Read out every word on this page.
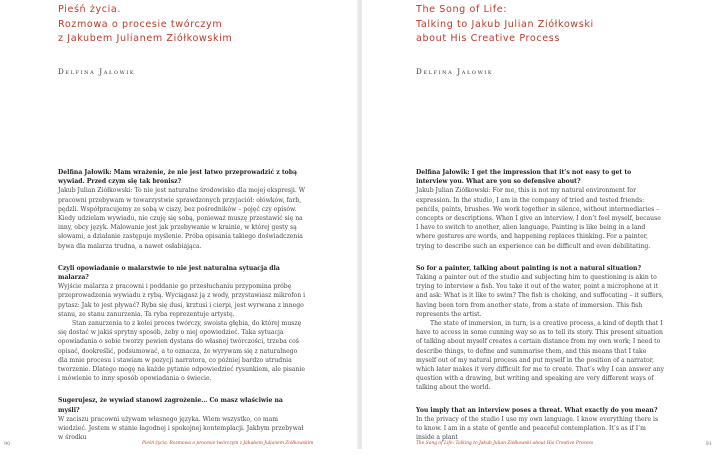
Pieśń życia.
Rozmowa o procesie twórczym
z Jakubem Julianem Ziółkowskim
Delfina Jałowik

Delfina Jałowik: Mam wrażenie, że nie jest łatwo przeprowadzić z tobą wywiad. Przed czym się tak bronisz?

Jakub Julian Ziółkowski: To nie jest naturalne środowisko dla mojej ekspresji. W pracowni przebywam w towarzystwie sprawdzonych przyjaciół: ołówków, farb, pędzli. Współpracujemy ze sobą w ciszy, bez pośredników – pojęć czy opisów. Kiedy udzielam wywiadu, nie czuję się sobą, ponieważ muszę przestawić się na inny, obcy język. Malowanie jest jak przebywanie w krainie, w której gesty są słowami, a działanie zastępuje myślenie. Próba opisania takiego doświadczenia bywa dla malarza trudna, a nawet osłabiająca.

Czyli opowiadanie o malarstwie to nie jest naturalna sytuacja dla malarza?

Wyjście malarza z pracowni i poddanie go przesłuchaniu przypomina próbę przeprowadzenia wywiadu z rybą. Wyciągasz ją z wody, przystawiasz mikrofon i pytasz: Jak to jest pływać? Ryba się dusi, krztusi i cierpi, jest wyrwana z innego stanu, ze stanu zanurzenia. Ta ryba reprezentuje artystę.

Stan zanurzenia to z kolei proces twórczy, swoista głębia, do której muszę się dostać w jakiś sprytny sposób, żeby o niej opowiedzieć. Taka sytuacja opowiadania o sobie tworzy pewien dystans do własnej twórczości, trzeba coś opisać, dookreślić, podsumować, a to oznacza, że wyrywam się z naturalnego dla mnie procesu i stawiam w pozycji narratora, co później bardzo utrudnia tworzenie. Dlatego mogę na każde pytanie odpowiedzieć rysunkiem, ale pisanie i mówienie to inny sposób opowiadania o świecie.

Sugerujesz, że wywiad stanowi zagrożenie… Co masz właściwie na myśli?

W zaciszu pracowni używam własnego języka. Wiem wszystko, co mam wiedzieć. Jestem w stanie łagodnej i spokojnej kontemplacji. Jakbym przebywał w środku

90	Pieśń życia. Rozmowa o procesie twórczym z Jakubem Julianem Ziółkowskim
The Song of Life:
Talking to Jakub Julian Ziółkowski
about His Creative Process
Delfina Jałowik

Delfina Jałowik: I get the impression that it’s not easy to get to interview you. What are you so defensive about?

Jakub Julian Ziółkowski: For me, this is not my natural environment for expression. In the studio, I am in the company of tried and tested friends: pencils, paints, brushes. We work together in silence, without intermediaries – concepts or descriptions. When I give an interview, I don’t feel myself, because I have to switch to another, alien language. Painting is like being in a land where gestures are words, and happening replaces thinking. For a painter, trying to describe such an experience can be difficult and even debilitating.

So for a painter, talking about painting is not a natural situation?

Taking a painter out of the studio and subjecting him to questioning is akin to trying to interview a fish. You take it out of the water, point a microphone at it and ask: What is it like to swim? The fish is choking, and suffocating – it suffers, having been torn from another state, from a state of immersion. This fish represents the artist.

The state of immersion, in turn, is a creative process, a kind of depth that I have to access in some cunning way so as to tell its story. This present situation of talking about myself creates a certain distance from my own work; I need to describe things, to define and summarise them, and this means that I take myself out of my natural process and put myself in the position of a narrator, which later makes it very difficult for me to create. That’s why I can answer any question with a drawing, but writing and speaking are very different ways of talking about the world.

You imply that an interview poses a threat. What exactly do you mean?

In the privacy of the studio I use my own language. I know everything there is to know. I am in a state of gentle and peaceful contemplation. It’s as if I’m inside a plant

The Song of Life: Talking to Jakub Julian Ziółkowski about His Creative Process	91
